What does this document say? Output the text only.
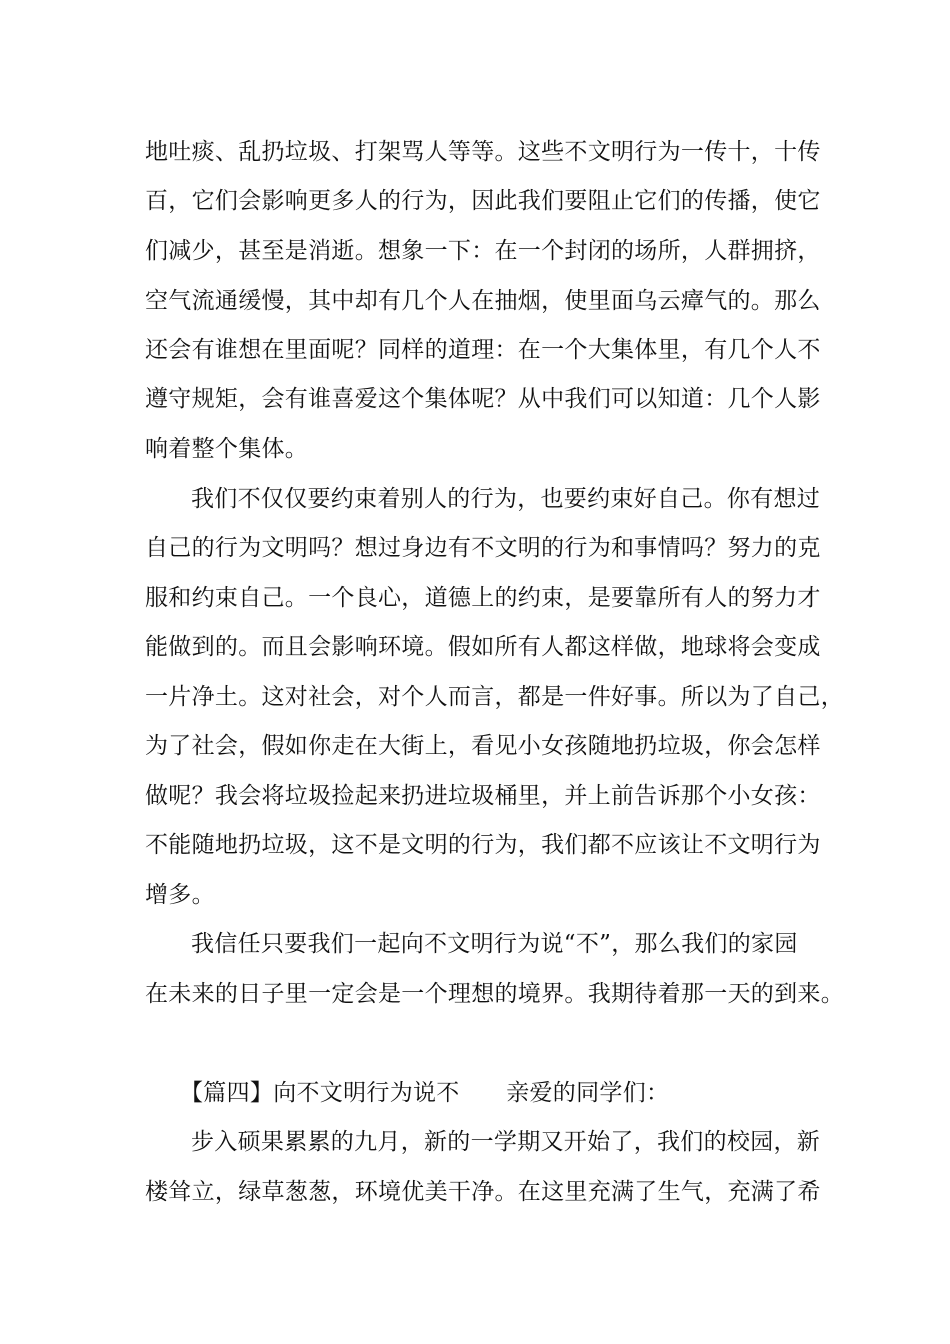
地吐痰、乱扔垃圾、打架骂人等等。这些不文明行为一传十，十传

百，它们会影响更多人的行为，因此我们要阻止它们的传播，使它

们减少，甚至是消逝。想象一下：在一个封闭的场所，人群拥挤，

空气流通缓慢，其中却有几个人在抽烟，使里面乌云瘴气的。那么

还会有谁想在里面呢？同样的道理：在一个大集体里，有几个人不

遵守规矩，会有谁喜爱这个集体呢？从中我们可以知道：几个人影

响着整个集体。

我们不仅仅要约束着别人的行为，也要约束好自己。你有想过

自己的行为文明吗？想过身边有不文明的行为和事情吗？努力的克

服和约束自己。一个良心，道德上的约束，是要靠所有人的努力才

能做到的。而且会影响环境。假如所有人都这样做，地球将会变成

一片净土。这对社会，对个人而言，都是一件好事。所以为了自己，

为了社会，假如你走在大街上，看见小女孩随地扔垃圾，你会怎样

做呢？我会将垃圾捡起来扔进垃圾桶里，并上前告诉那个小女孩：

不能随地扔垃圾，这不是文明的行为，我们都不应该让不文明行为

增多。

我信任只要我们一起向不文明行为说“不”，那么我们的家园

在未来的日子里一定会是一个理想的境界。我期待着那一天的到来。

【篇四】向不文明行为说不　　亲爱的同学们：

步入硕果累累的九月，新的一学期又开始了，我们的校园，新

楼耸立，绿草葱葱，环境优美干净。在这里充满了生气，充满了希
